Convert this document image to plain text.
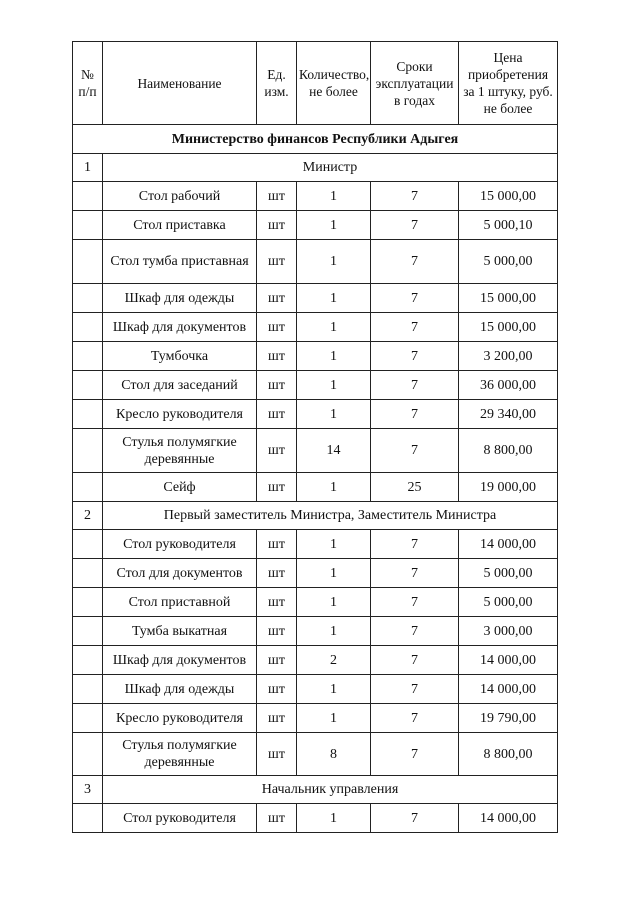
№ п/п	Наименование	Ед. изм.	Количество, не более	Сроки эксплуатации в годах	Цена приобретения за 1 штуку, руб. не более
Министерство финансов Республики Адыгея					
1	Министр				
	Стол рабочий	шт	1	7	15 000,00
	Стол приставка	шт	1	7	5 000,10
	Стол тумба приставная	шт	1	7	5 000,00
	Шкаф для одежды	шт	1	7	15 000,00
	Шкаф для документов	шт	1	7	15 000,00
	Тумбочка	шт	1	7	3 200,00
	Стол для заседаний	шт	1	7	36 000,00
	Кресло руководителя	шт	1	7	29 340,00
	Стулья полумягкие деревянные	шт	14	7	8 800,00
	Сейф	шт	1	25	19 000,00
2	Первый заместитель Министра, Заместитель Министра				
	Стол руководителя	шт	1	7	14 000,00
	Стол для документов	шт	1	7	5 000,00
	Стол приставной	шт	1	7	5 000,00
	Тумба выкатная	шт	1	7	3 000,00
	Шкаф для документов	шт	2	7	14 000,00
	Шкаф для одежды	шт	1	7	14 000,00
	Кресло руководителя	шт	1	7	19 790,00
	Стулья полумягкие деревянные	шт	8	7	8 800,00
3	Начальник управления				
	Стол руководителя	шт	1	7	14 000,00
